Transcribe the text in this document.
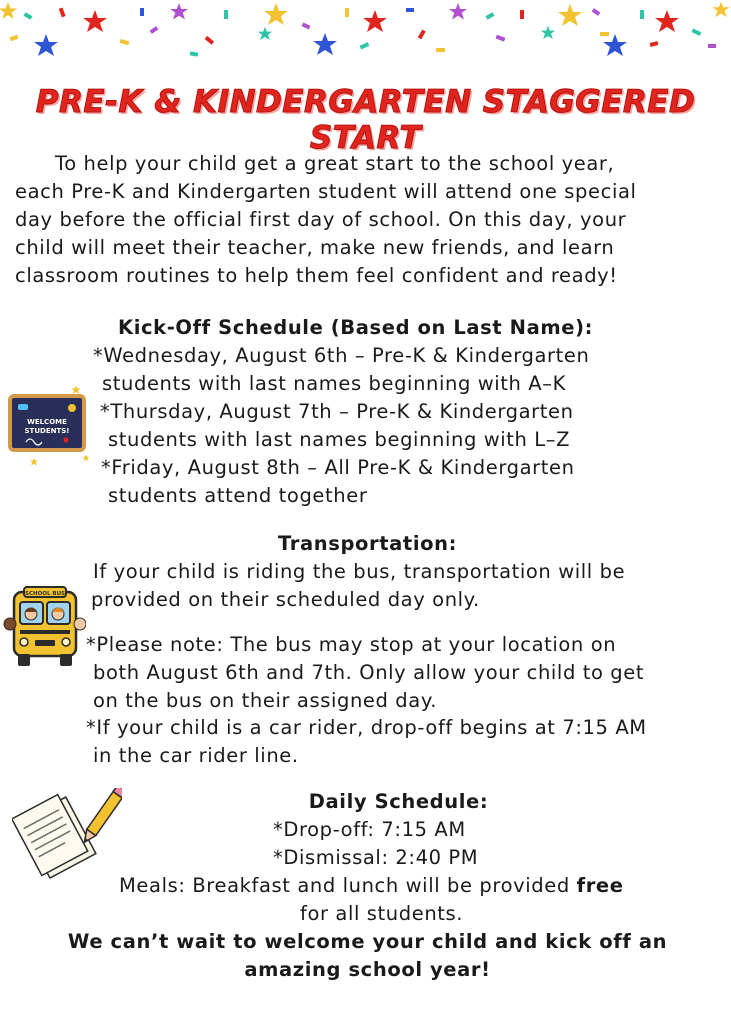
PRE-K & KINDERGARTEN STAGGERED START
To help your child get a great start to the school year,
each Pre-K and Kindergarten student will attend one special
day before the official first day of school. On this day, your
child will meet their teacher, make new friends, and learn
classroom routines to help them feel confident and ready!
Kick-Off Schedule (Based on Last Name):
*Wednesday, August 6th – Pre-K & Kindergarten
students with last names beginning with A–K
*Thursday, August 7th – Pre-K & Kindergarten
students with last names beginning with L–Z
*Friday, August 8th – All Pre-K & Kindergarten
students attend together
WELCOME
STUDENTS!
Transportation:
If your child is riding the bus, transportation will be
provided on their scheduled day only.
*Please note: The bus may stop at your location on
both August 6th and 7th. Only allow your child to get
on the bus on their assigned day.
*If your child is a car rider, drop-off begins at 7:15 AM
in the car rider line.
SCHOOL BUS
Daily Schedule:
*Drop-off: 7:15 AM
*Dismissal: 2:40 PM
Meals: Breakfast and lunch will be provided free
for all students.
We can’t wait to welcome your child and kick off an
amazing school year!
